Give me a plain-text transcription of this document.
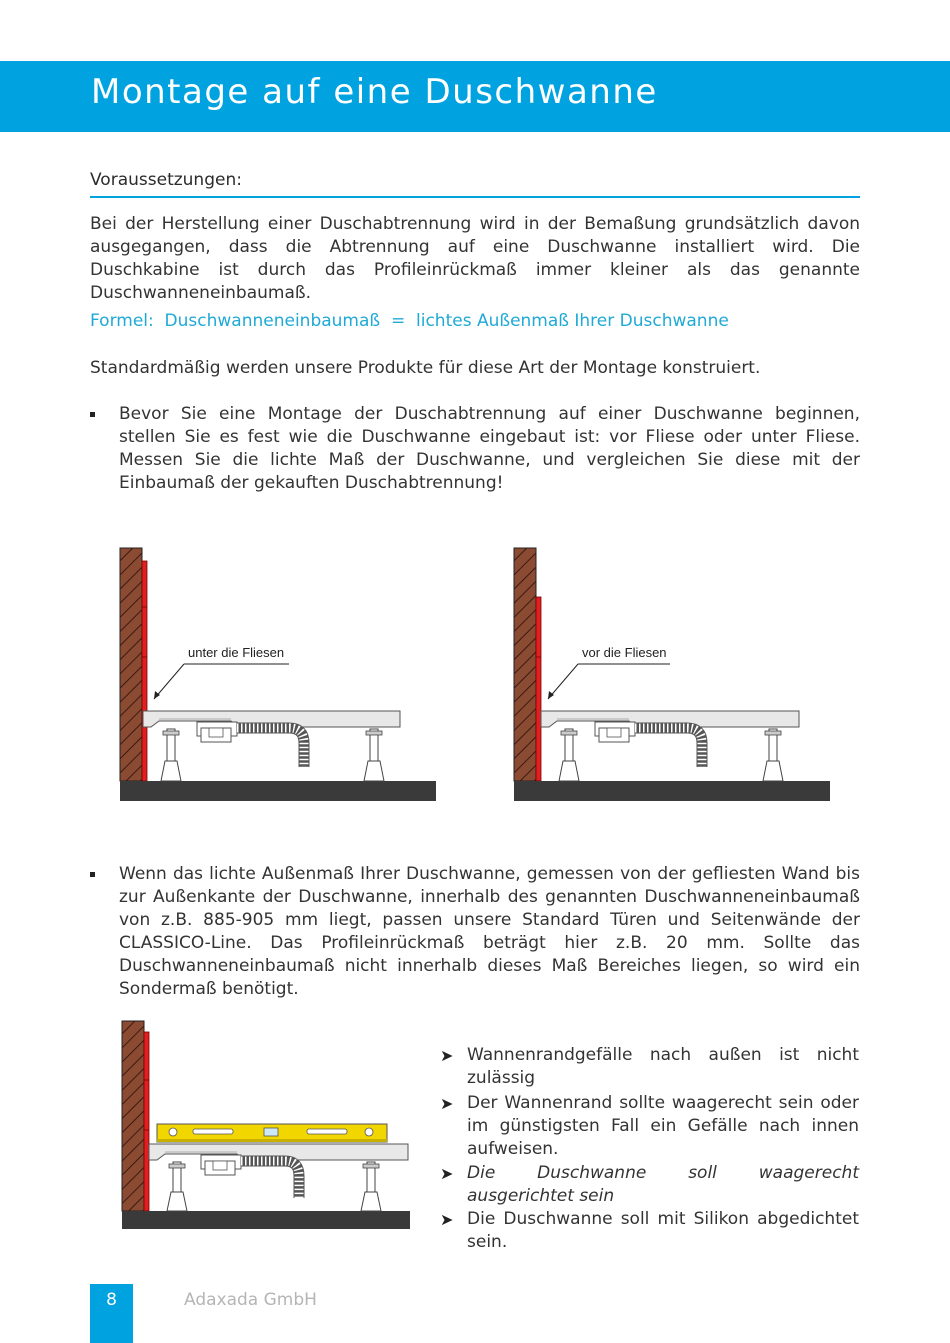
Montage auf eine Duschwanne
Voraussetzungen:

Bei der Herstellung einer Duschabtrennung wird in der Bemaßung grundsätzlich davon ausgegangen, dass die Abtrennung auf eine Duschwanne installiert wird. Die Duschkabine ist durch das Profileinrückmaß immer kleiner als das genannte Duschwanneneinbaumaß.

Formel: Duschwanneneinbaumaß = lichtes Außenmaß Ihrer Duschwanne

Standardmäßig werden unsere Produkte für diese Art der Montage konstruiert.

Bevor Sie eine Montage der Duschabtrennung auf einer Duschwanne beginnen, stellen Sie es fest wie die Duschwanne eingebaut ist: vor Fliese oder unter Fliese. Messen Sie die lichte Maß der Duschwanne, und vergleichen Sie diese mit der Einbaumaß der gekauften Duschabtrennung!

unter die Fliesen	vor die Fliesen

Wenn das lichte Außenmaß Ihrer Duschwanne, gemessen von der gefliesten Wand bis zur Außenkante der Duschwanne, innerhalb des genannten Duschwanneneinbaumaß von z.B. 885-905 mm liegt, passen unsere Standard Türen und Seitenwände der CLASSICO-Line. Das Profileinrückmaß beträgt hier z.B. 20 mm. Sollte das Duschwanneneinbaumaß nicht innerhalb dieses Maß Bereiches liegen, so wird ein Sondermaß benötigt.

➤ Wannenrandgefälle nach außen ist nicht zulässig

➤ Der Wannenrand sollte waagerecht sein oder im günstigsten Fall ein Gefälle nach innen aufweisen.

➤ Die Duschwanne soll waagerecht ausgerichtet sein

➤ Die Duschwanne soll mit Silikon abgedichtet sein.

8	Adaxada GmbH
